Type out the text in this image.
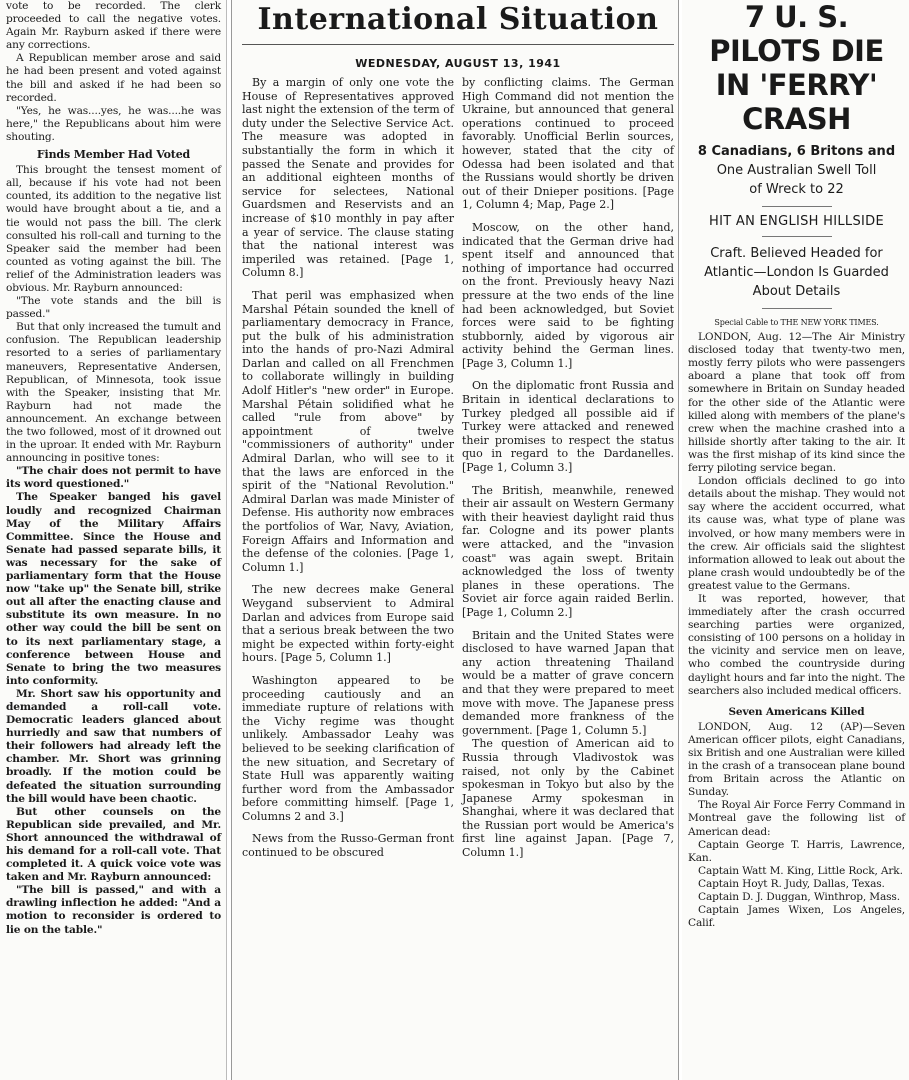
vote to be recorded. The clerk proceeded to call the negative votes. Again Mr. Rayburn asked if there were any corrections.

A Republican member arose and said he had been present and voted against the bill and asked if he had been so recorded.

"Yes, he was....yes, he was....he was here," the Republicans about him were shouting.

Finds Member Had Voted

This brought the tensest moment of all, because if his vote had not been counted, its addition to the negative list would have brought about a tie, and a tie would not pass the bill. The clerk consulted his roll-call and turning to the Speaker said the member had been counted as voting against the bill. The relief of the Administration leaders was obvious. Mr. Rayburn announced:

"The vote stands and the bill is passed."

But that only increased the tumult and confusion. The Republican leadership resorted to a series of parliamentary maneuvers, Representative Andersen, Republican, of Minnesota, took issue with the Speaker, insisting that Mr. Rayburn had not made the announcement. An exchange between the two followed, most of it drowned out in the uproar. It ended with Mr. Rayburn announcing in positive tones:

"The chair does not permit to have its word questioned."

The Speaker banged his gavel loudly and recognized Chairman May of the Military Affairs Committee. Since the House and Senate had passed separate bills, it was necessary for the sake of parliamentary form that the House now "take up" the Senate bill, strike out all after the enacting clause and substitute its own measure. In no other way could the bill be sent on to its next parliamentary stage, a conference between House and Senate to bring the two measures into conformity.

Mr. Short saw his opportunity and demanded a roll-call vote. Democratic leaders glanced about hurriedly and saw that numbers of their followers had already left the chamber. Mr. Short was grinning broadly. If the motion could be defeated the situation surrounding the bill would have been chaotic.

But other counsels on the Republican side prevailed, and Mr. Short announced the withdrawal of his demand for a roll-call vote. That completed it. A quick voice vote was taken and Mr. Rayburn announced:

"The bill is passed," and with a drawling inflection he added: "And a motion to reconsider is ordered to lie on the table."

International Situation
WEDNESDAY, AUGUST 13, 1941

By a margin of only one vote the House of Representatives approved last night the extension of the term of duty under the Selective Service Act. The measure was adopted in substantially the form in which it passed the Senate and provides for an additional eighteen months of service for selectees, National Guardsmen and Reservists and an increase of $10 monthly in pay after a year of service. The clause stating that the national interest was imperiled was retained. [Page 1, Column 8.]

That peril was emphasized when Marshal Pétain sounded the knell of parliamentary democracy in France, put the bulk of his administration into the hands of pro-Nazi Admiral Darlan and called on all Frenchmen to collaborate willingly in building Adolf Hitler's "new order" in Europe. Marshal Pétain solidified what he called "rule from above" by appointment of twelve "commissioners of authority" under Admiral Darlan, who will see to it that the laws are enforced in the spirit of the "National Revolution." Admiral Darlan was made Minister of Defense. His authority now embraces the portfolios of War, Navy, Aviation, Foreign Affairs and Information and the defense of the colonies. [Page 1, Column 1.]

The new decrees make General Weygand subservient to Admiral Darlan and advices from Europe said that a serious break between the two might be expected within forty-eight hours. [Page 5, Column 1.]

Washington appeared to be proceeding cautiously and an immediate rupture of relations with the Vichy regime was thought unlikely. Ambassador Leahy was believed to be seeking clarification of the new situation, and Secretary of State Hull was apparently waiting further word from the Ambassador before committing himself. [Page 1, Columns 2 and 3.]

News from the Russo-German front continued to be obscured

by conflicting claims. The German High Command did not mention the Ukraine, but announced that general operations continued to proceed favorably. Unofficial Berlin sources, however, stated that the city of Odessa had been isolated and that the Russians would shortly be driven out of their Dnieper positions. [Page 1, Column 4; Map, Page 2.]

Moscow, on the other hand, indicated that the German drive had spent itself and announced that nothing of importance had occurred on the front. Previously heavy Nazi pressure at the two ends of the line had been acknowledged, but Soviet forces were said to be fighting stubbornly, aided by vigorous air activity behind the German lines. [Page 3, Column 1.]

On the diplomatic front Russia and Britain in identical declarations to Turkey pledged all possible aid if Turkey were attacked and renewed their promises to respect the status quo in regard to the Dardanelles. [Page 1, Column 3.]

The British, meanwhile, renewed their air assault on Western Germany with their heaviest daylight raid thus far. Cologne and its power plants were attacked, and the "invasion coast" was again swept. Britain acknowledged the loss of twenty planes in these operations. The Soviet air force again raided Berlin. [Page 1, Column 2.]

Britain and the United States were disclosed to have warned Japan that any action threatening Thailand would be a matter of grave concern and that they were prepared to meet move with move. The Japanese press demanded more frankness of the government. [Page 1, Column 5.]

The question of American aid to Russia through Vladivostok was raised, not only by the Cabinet spokesman in Tokyo but also by the Japanese Army spokesman in Shanghai, where it was declared that the Russian port would be America's first line against Japan. [Page 7, Column 1.]

7 U. S. PILOTS DIE IN 'FERRY' CRASH
8 Canadians, 6 Britons and
One Australian Swell Toll
of Wreck to 22
HIT AN ENGLISH HILLSIDE
Craft. Believed Headed for
Atlantic—London Is Guarded
About Details

Special Cable to THE NEW YORK TIMES.

LONDON, Aug. 12—The Air Ministry disclosed today that twenty-two men, mostly ferry pilots who were passengers aboard a plane that took off from somewhere in Britain on Sunday headed for the other side of the Atlantic were killed along with members of the plane's crew when the machine crashed into a hillside shortly after taking to the air. It was the first mishap of its kind since the ferry piloting service began.

London officials declined to go into details about the mishap. They would not say where the accident occurred, what its cause was, what type of plane was involved, or how many members were in the crew. Air officials said the slightest information allowed to leak out about the plane crash would undoubtedly be of the greatest value to the Germans.

It was reported, however, that immediately after the crash occurred searching parties were organized, consisting of 100 persons on a holiday in the vicinity and service men on leave, who combed the countryside during daylight hours and far into the night. The searchers also included medical officers.

Seven Americans Killed

LONDON, Aug. 12 (AP)—Seven American officer pilots, eight Canadians, six British and one Australian were killed in the crash of a transocean plane bound from Britain across the Atlantic on Sunday.

The Royal Air Force Ferry Command in Montreal gave the following list of American dead:

Captain George T. Harris, Lawrence, Kan.

Captain Watt M. King, Little Rock, Ark.

Captain Hoyt R. Judy, Dallas, Texas.

Captain D. J. Duggan, Winthrop, Mass.

Captain James Wixen, Los Angeles, Calif.
